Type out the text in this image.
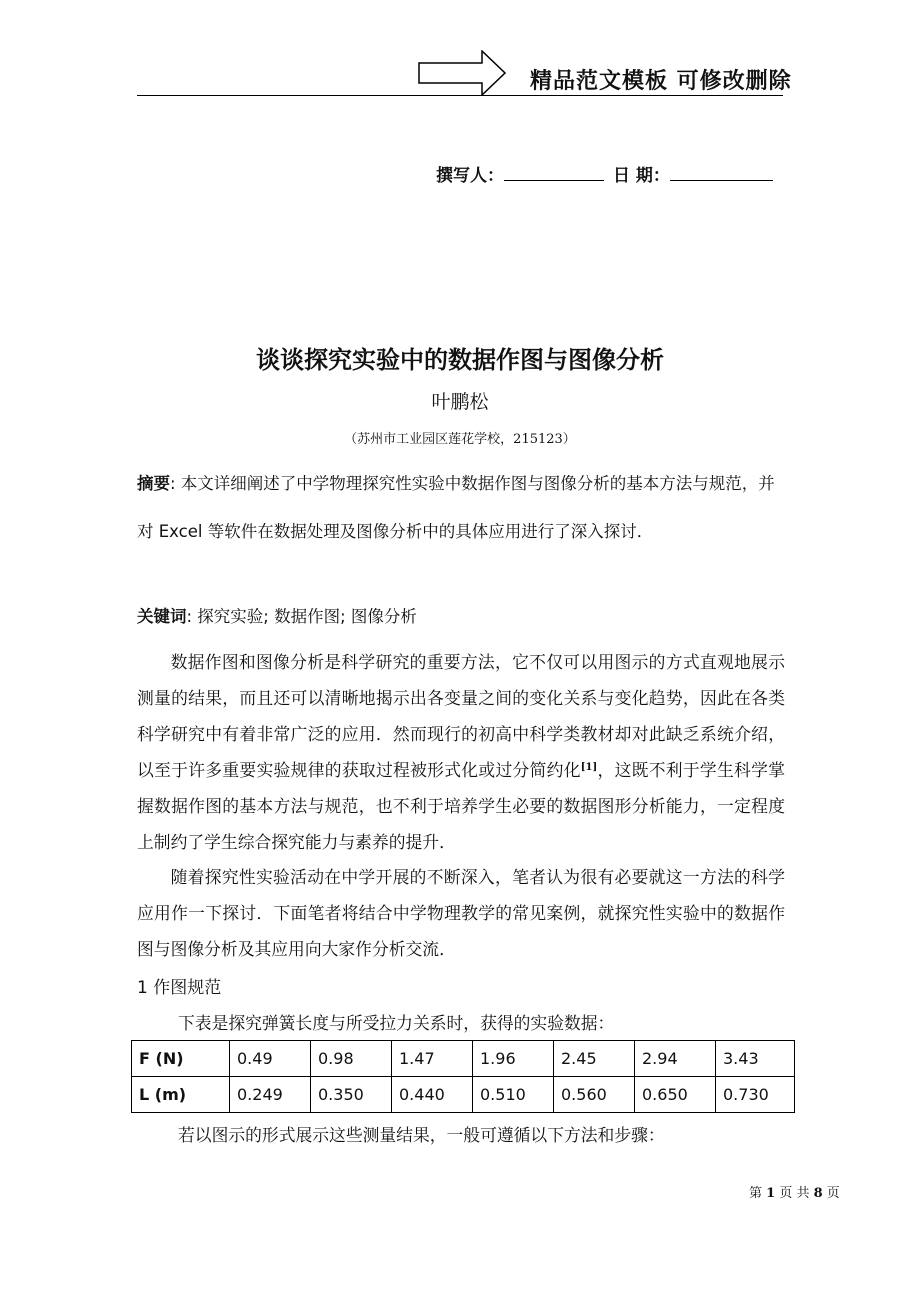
精品范文模板 可修改删除
撰写人：	日 期：
谈谈探究实验中的数据作图与图像分析
叶鹏松
（苏州市工业园区莲花学校，215123）
摘要: 本文详细阐述了中学物理探究性实验中数据作图与图像分析的基本方法与规范，并对 Excel 等软件在数据处理及图像分析中的具体应用进行了深入探讨．
关键词: 探究实验; 数据作图; 图像分析
数据作图和图像分析是科学研究的重要方法，它不仅可以用图示的方式直观地展示测量的结果，而且还可以清晰地揭示出各变量之间的变化关系与变化趋势，因此在各类科学研究中有着非常广泛的应用．然而现行的初高中科学类教材却对此缺乏系统介绍，以至于许多重要实验规律的获取过程被形式化或过分简约化[1]，这既不利于学生科学掌握数据作图的基本方法与规范，也不利于培养学生必要的数据图形分析能力，一定程度上制约了学生综合探究能力与素养的提升．
随着探究性实验活动在中学开展的不断深入，笔者认为很有必要就这一方法的科学应用作一下探讨．下面笔者将结合中学物理教学的常见案例，就探究性实验中的数据作图与图像分析及其应用向大家作分析交流．
1 作图规范
下表是探究弹簧长度与所受拉力关系时，获得的实验数据：
F (N)	0.49	0.98	1.47	1.96	2.45	2.94	3.43
L (m)	0.249	0.350	0.440	0.510	0.560	0.650	0.730
若以图示的形式展示这些测量结果，一般可遵循以下方法和步骤：
第 1 页 共 8 页
